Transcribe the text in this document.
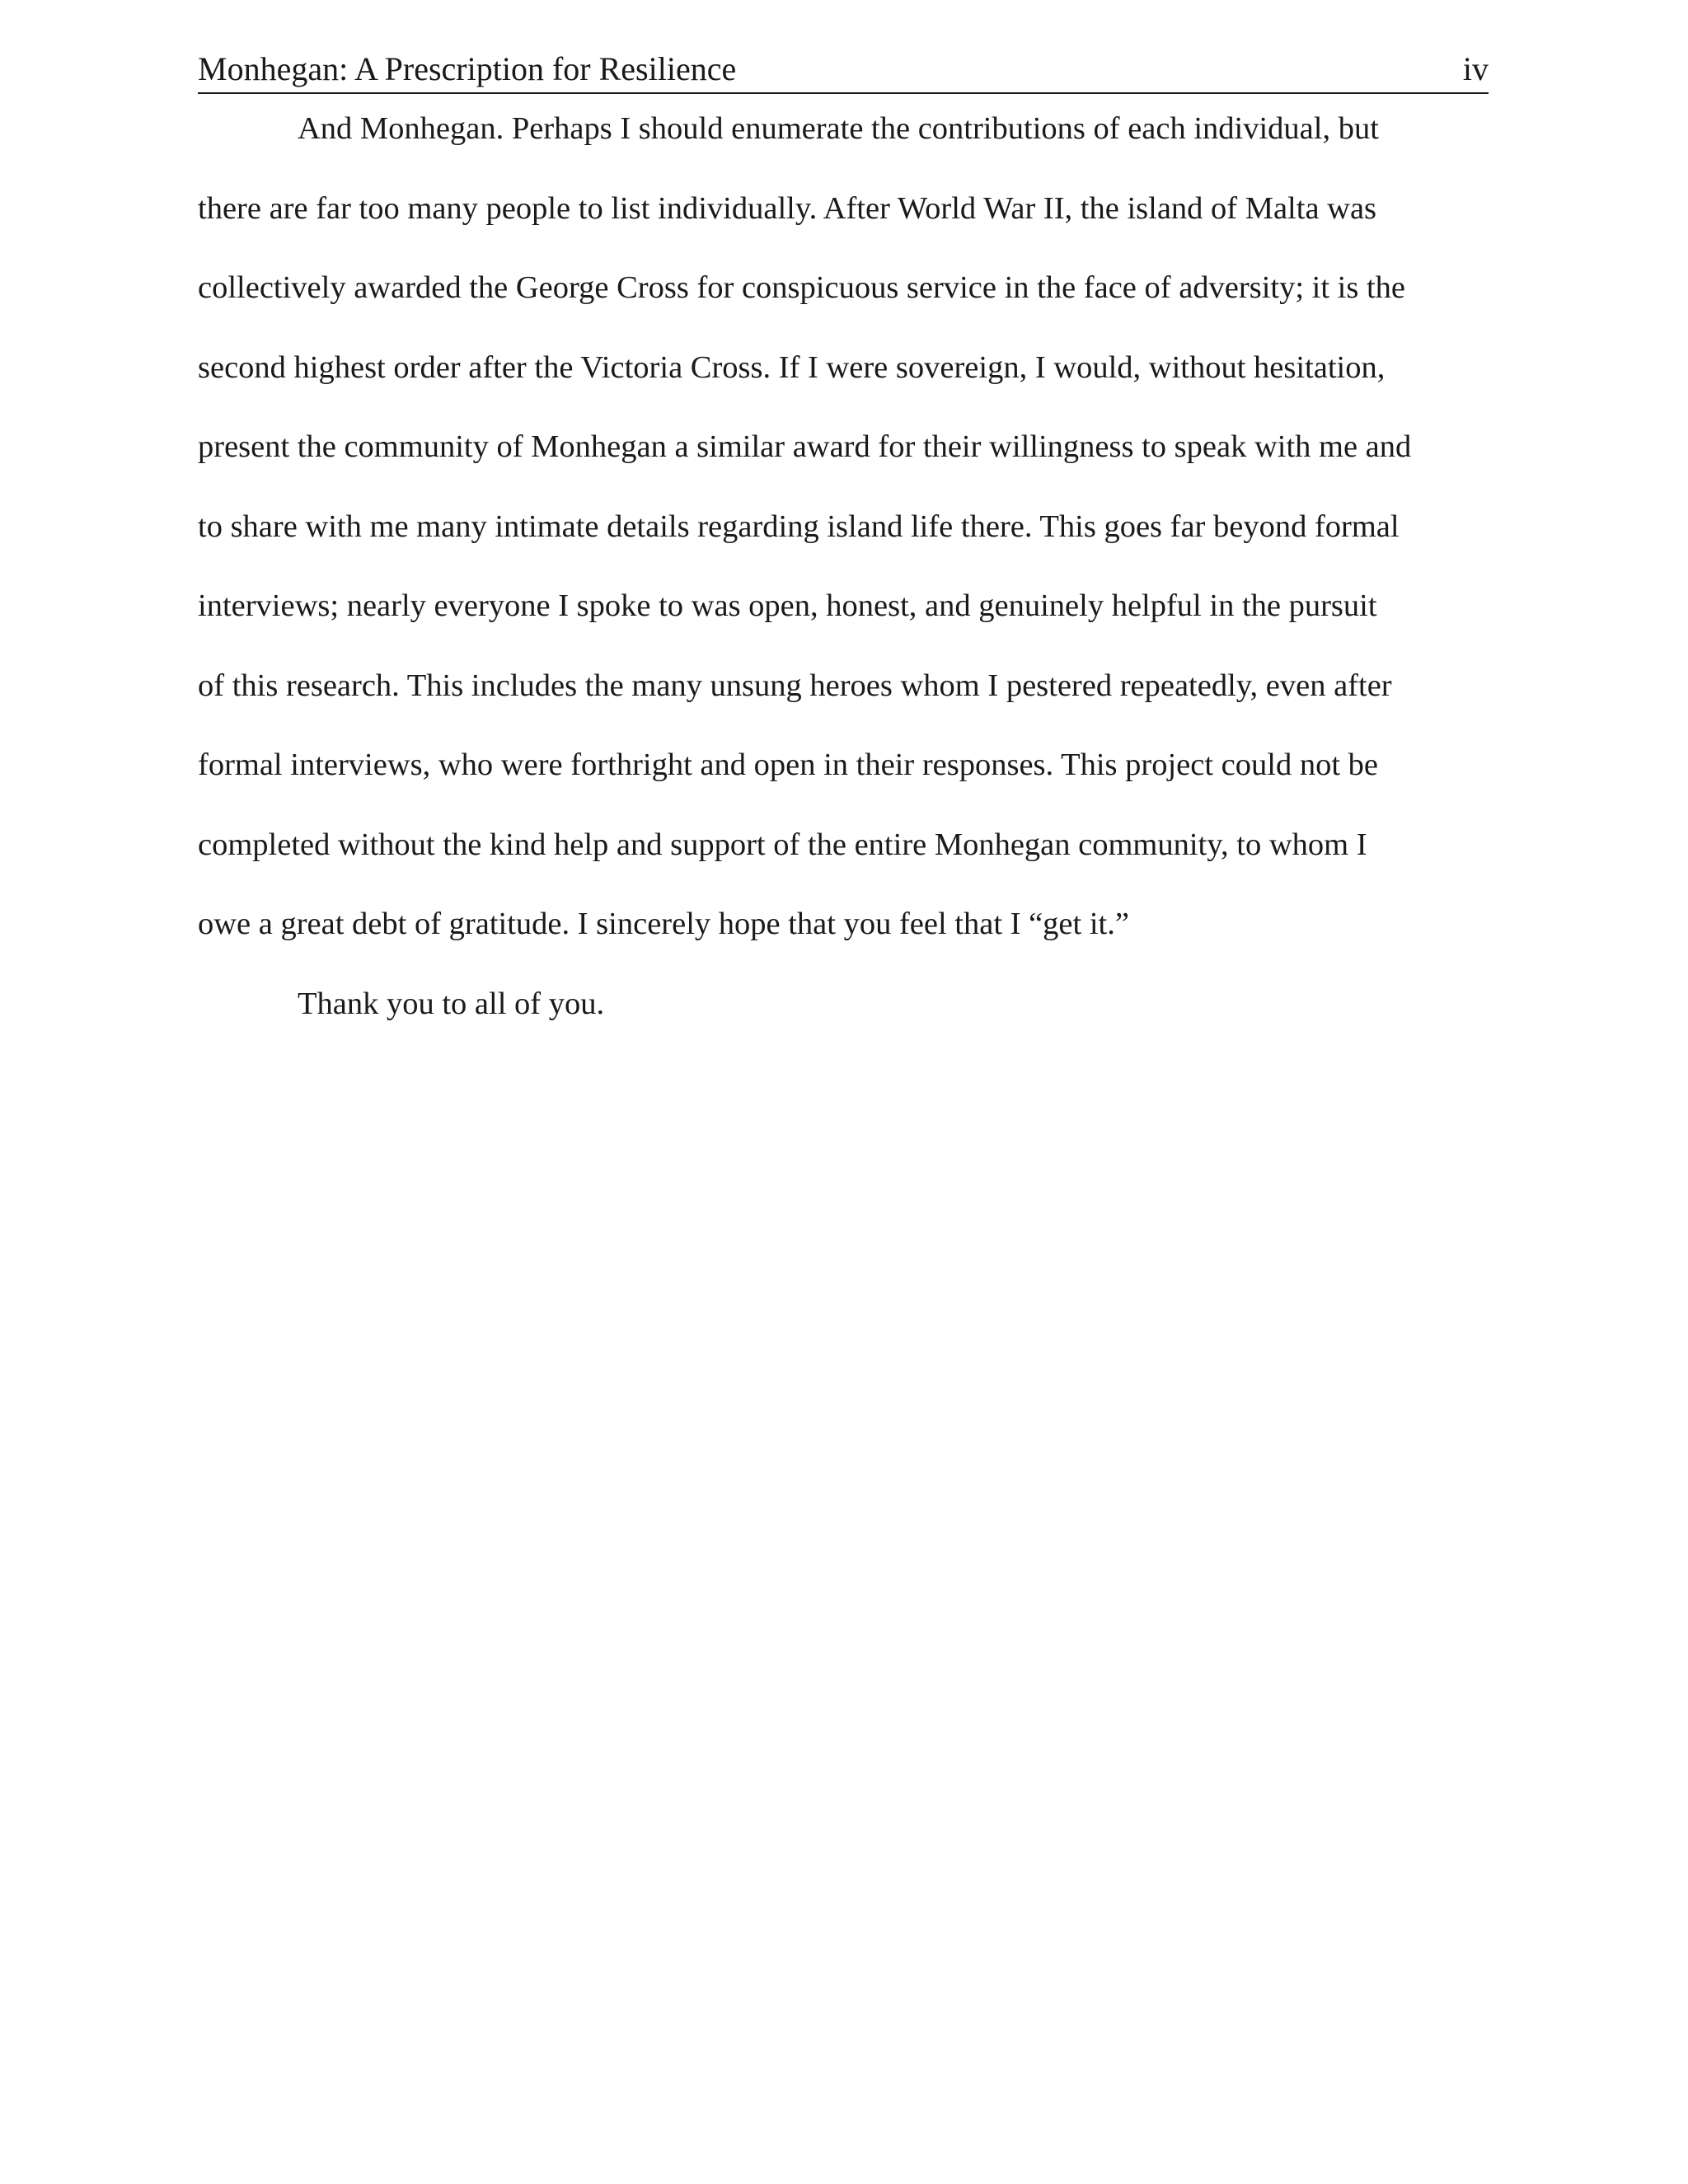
Monhegan: A Prescription for Resilience	iv
And Monhegan. Perhaps I should enumerate the contributions of each individual, but
there are far too many people to list individually. After World War II, the island of Malta was
collectively awarded the George Cross for conspicuous service in the face of adversity; it is the
second highest order after the Victoria Cross. If I were sovereign, I would, without hesitation,
present the community of Monhegan a similar award for their willingness to speak with me and
to share with me many intimate details regarding island life there. This goes far beyond formal
interviews; nearly everyone I spoke to was open, honest, and genuinely helpful in the pursuit
of this research. This includes the many unsung heroes whom I pestered repeatedly, even after
formal interviews, who were forthright and open in their responses. This project could not be
completed without the kind help and support of the entire Monhegan community, to whom I
owe a great debt of gratitude. I sincerely hope that you feel that I “get it.”
Thank you to all of you.
